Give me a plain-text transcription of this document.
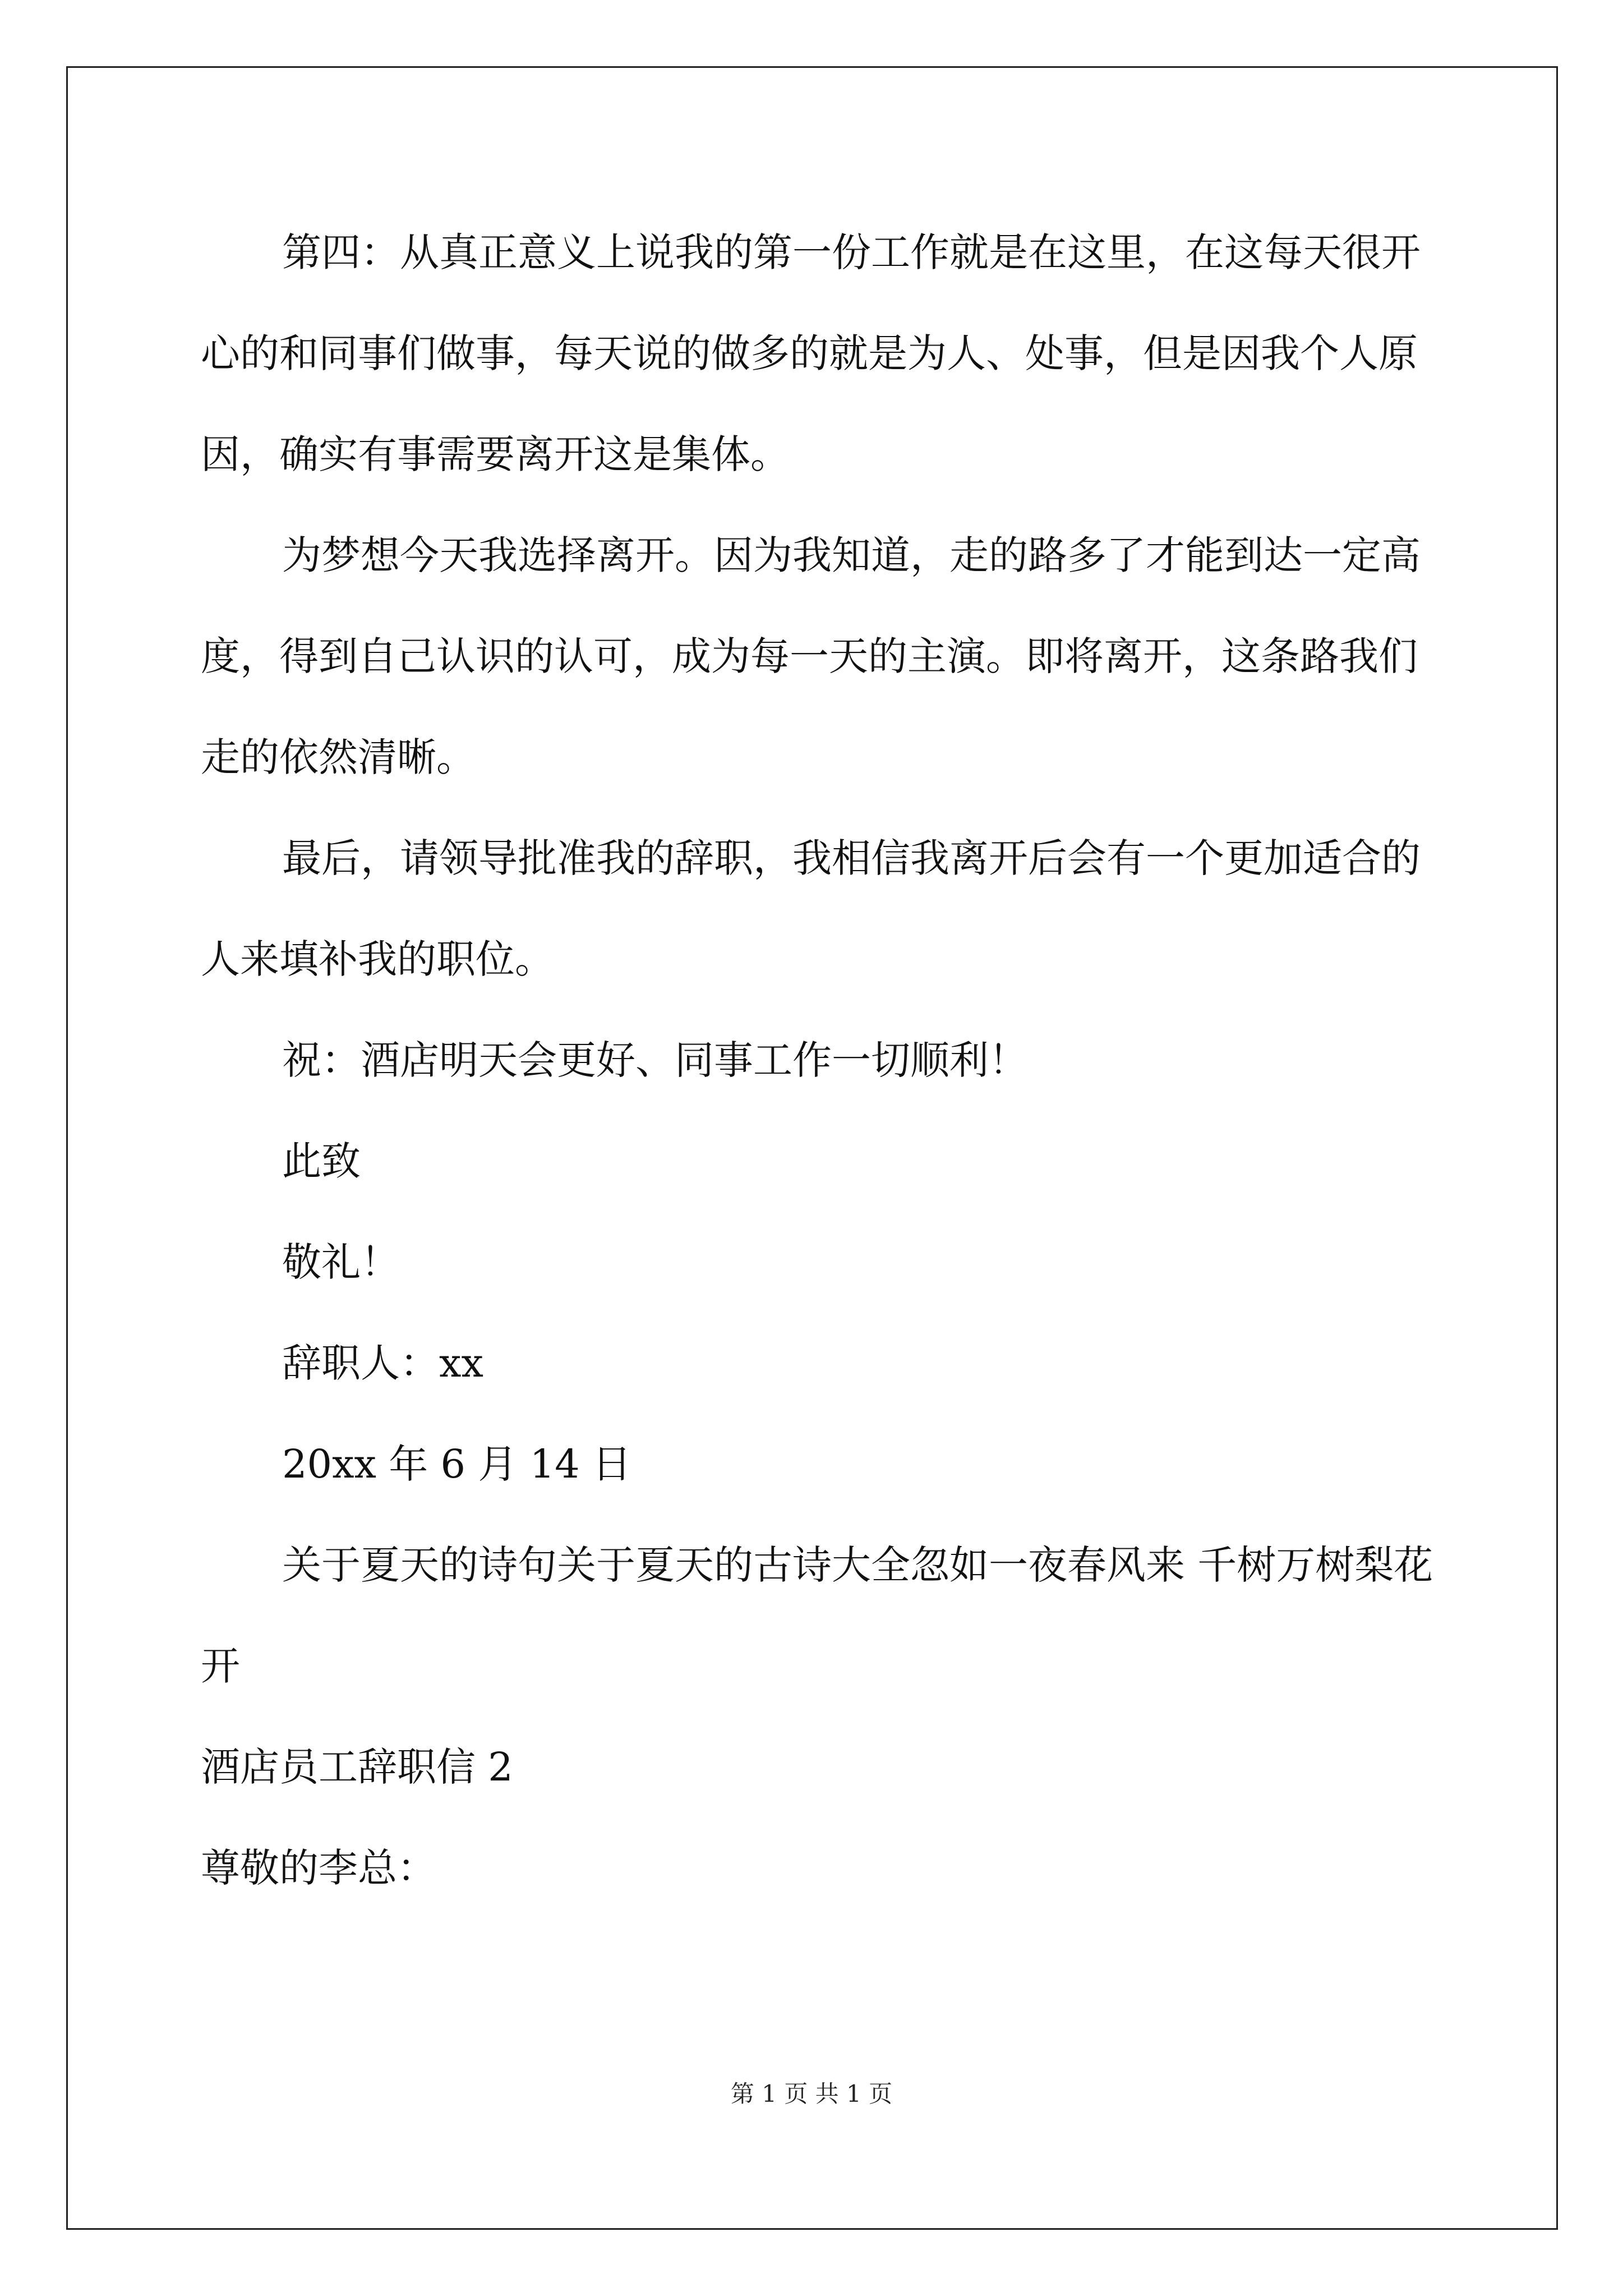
第四：从真正意义上说我的第一份工作就是在这里，在这每天很开心的和同事们做事，每天说的做多的就是为人、处事，但是因我个人原因，确实有事需要离开这是集体。

为梦想今天我选择离开。因为我知道，走的路多了才能到达一定高度，得到自己认识的认可，成为每一天的主演。即将离开，这条路我们走的依然清晰。

最后，请领导批准我的辞职，我相信我离开后会有一个更加适合的人来填补我的职位。

祝：酒店明天会更好、同事工作一切顺利！

此致

敬礼！

辞职人：xx

20xx 年 6 月 14 日

关于夏天的诗句关于夏天的古诗大全忽如一夜春风来 千树万树梨花开

酒店员工辞职信 2

尊敬的李总：

第 1 页 共 1 页
